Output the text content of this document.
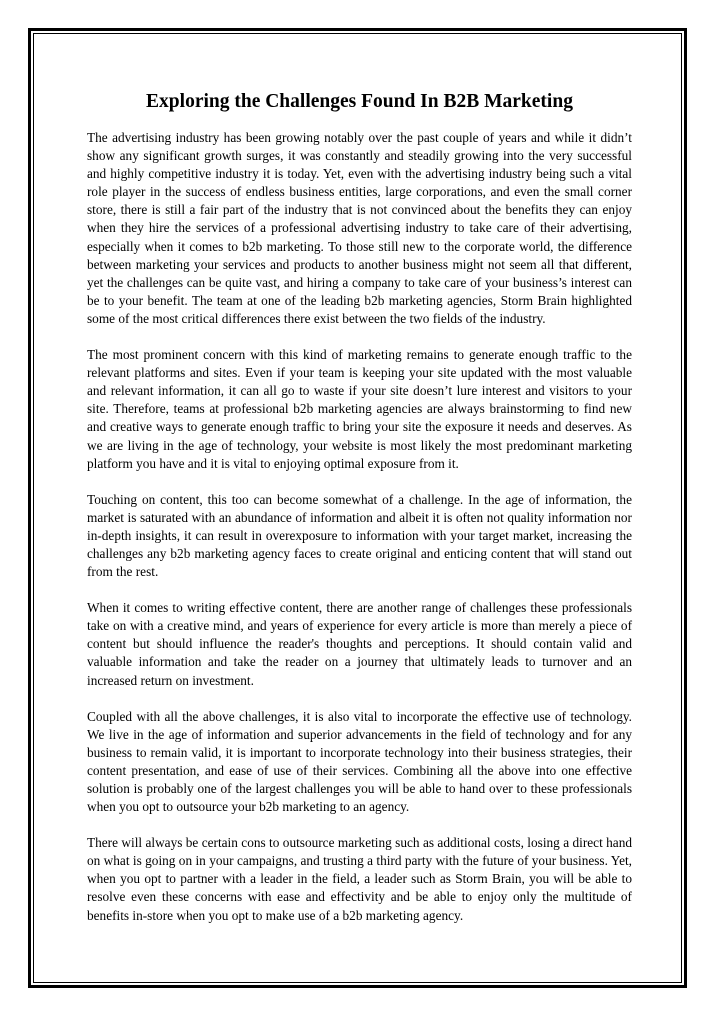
Exploring the Challenges Found In B2B Marketing

The advertising industry has been growing notably over the past couple of years and while it didn’t show any significant growth surges, it was constantly and steadily growing into the very successful and highly competitive industry it is today. Yet, even with the advertising industry being such a vital role player in the success of endless business entities, large corporations, and even the small corner store, there is still a fair part of the industry that is not convinced about the benefits they can enjoy when they hire the services of a professional advertising industry to take care of their advertising, especially when it comes to b2b marketing. To those still new to the corporate world, the difference between marketing your services and products to another business might not seem all that different, yet the challenges can be quite vast, and hiring a company to take care of your business’s interest can be to your benefit. The team at one of the leading b2b marketing agencies, Storm Brain highlighted some of the most critical differences there exist between the two fields of the industry.

The most prominent concern with this kind of marketing remains to generate enough traffic to the relevant platforms and sites. Even if your team is keeping your site updated with the most valuable and relevant information, it can all go to waste if your site doesn’t lure interest and visitors to your site. Therefore, teams at professional b2b marketing agencies are always brainstorming to find new and creative ways to generate enough traffic to bring your site the exposure it needs and deserves. As we are living in the age of technology, your website is most likely the most predominant marketing platform you have and it is vital to enjoying optimal exposure from it.

Touching on content, this too can become somewhat of a challenge. In the age of information, the market is saturated with an abundance of information and albeit it is often not quality information nor in-depth insights, it can result in overexposure to information with your target market, increasing the challenges any b2b marketing agency faces to create original and enticing content that will stand out from the rest.

When it comes to writing effective content, there are another range of challenges these professionals take on with a creative mind, and years of experience for every article is more than merely a piece of content but should influence the reader's thoughts and perceptions. It should contain valid and valuable information and take the reader on a journey that ultimately leads to turnover and an increased return on investment.

Coupled with all the above challenges, it is also vital to incorporate the effective use of technology. We live in the age of information and superior advancements in the field of technology and for any business to remain valid, it is important to incorporate technology into their business strategies, their content presentation, and ease of use of their services. Combining all the above into one effective solution is probably one of the largest challenges you will be able to hand over to these professionals when you opt to outsource your b2b marketing to an agency.

There will always be certain cons to outsource marketing such as additional costs, losing a direct hand on what is going on in your campaigns, and trusting a third party with the future of your business. Yet, when you opt to partner with a leader in the field, a leader such as Storm Brain, you will be able to resolve even these concerns with ease and effectivity and be able to enjoy only the multitude of benefits in-store when you opt to make use of a b2b marketing agency.
